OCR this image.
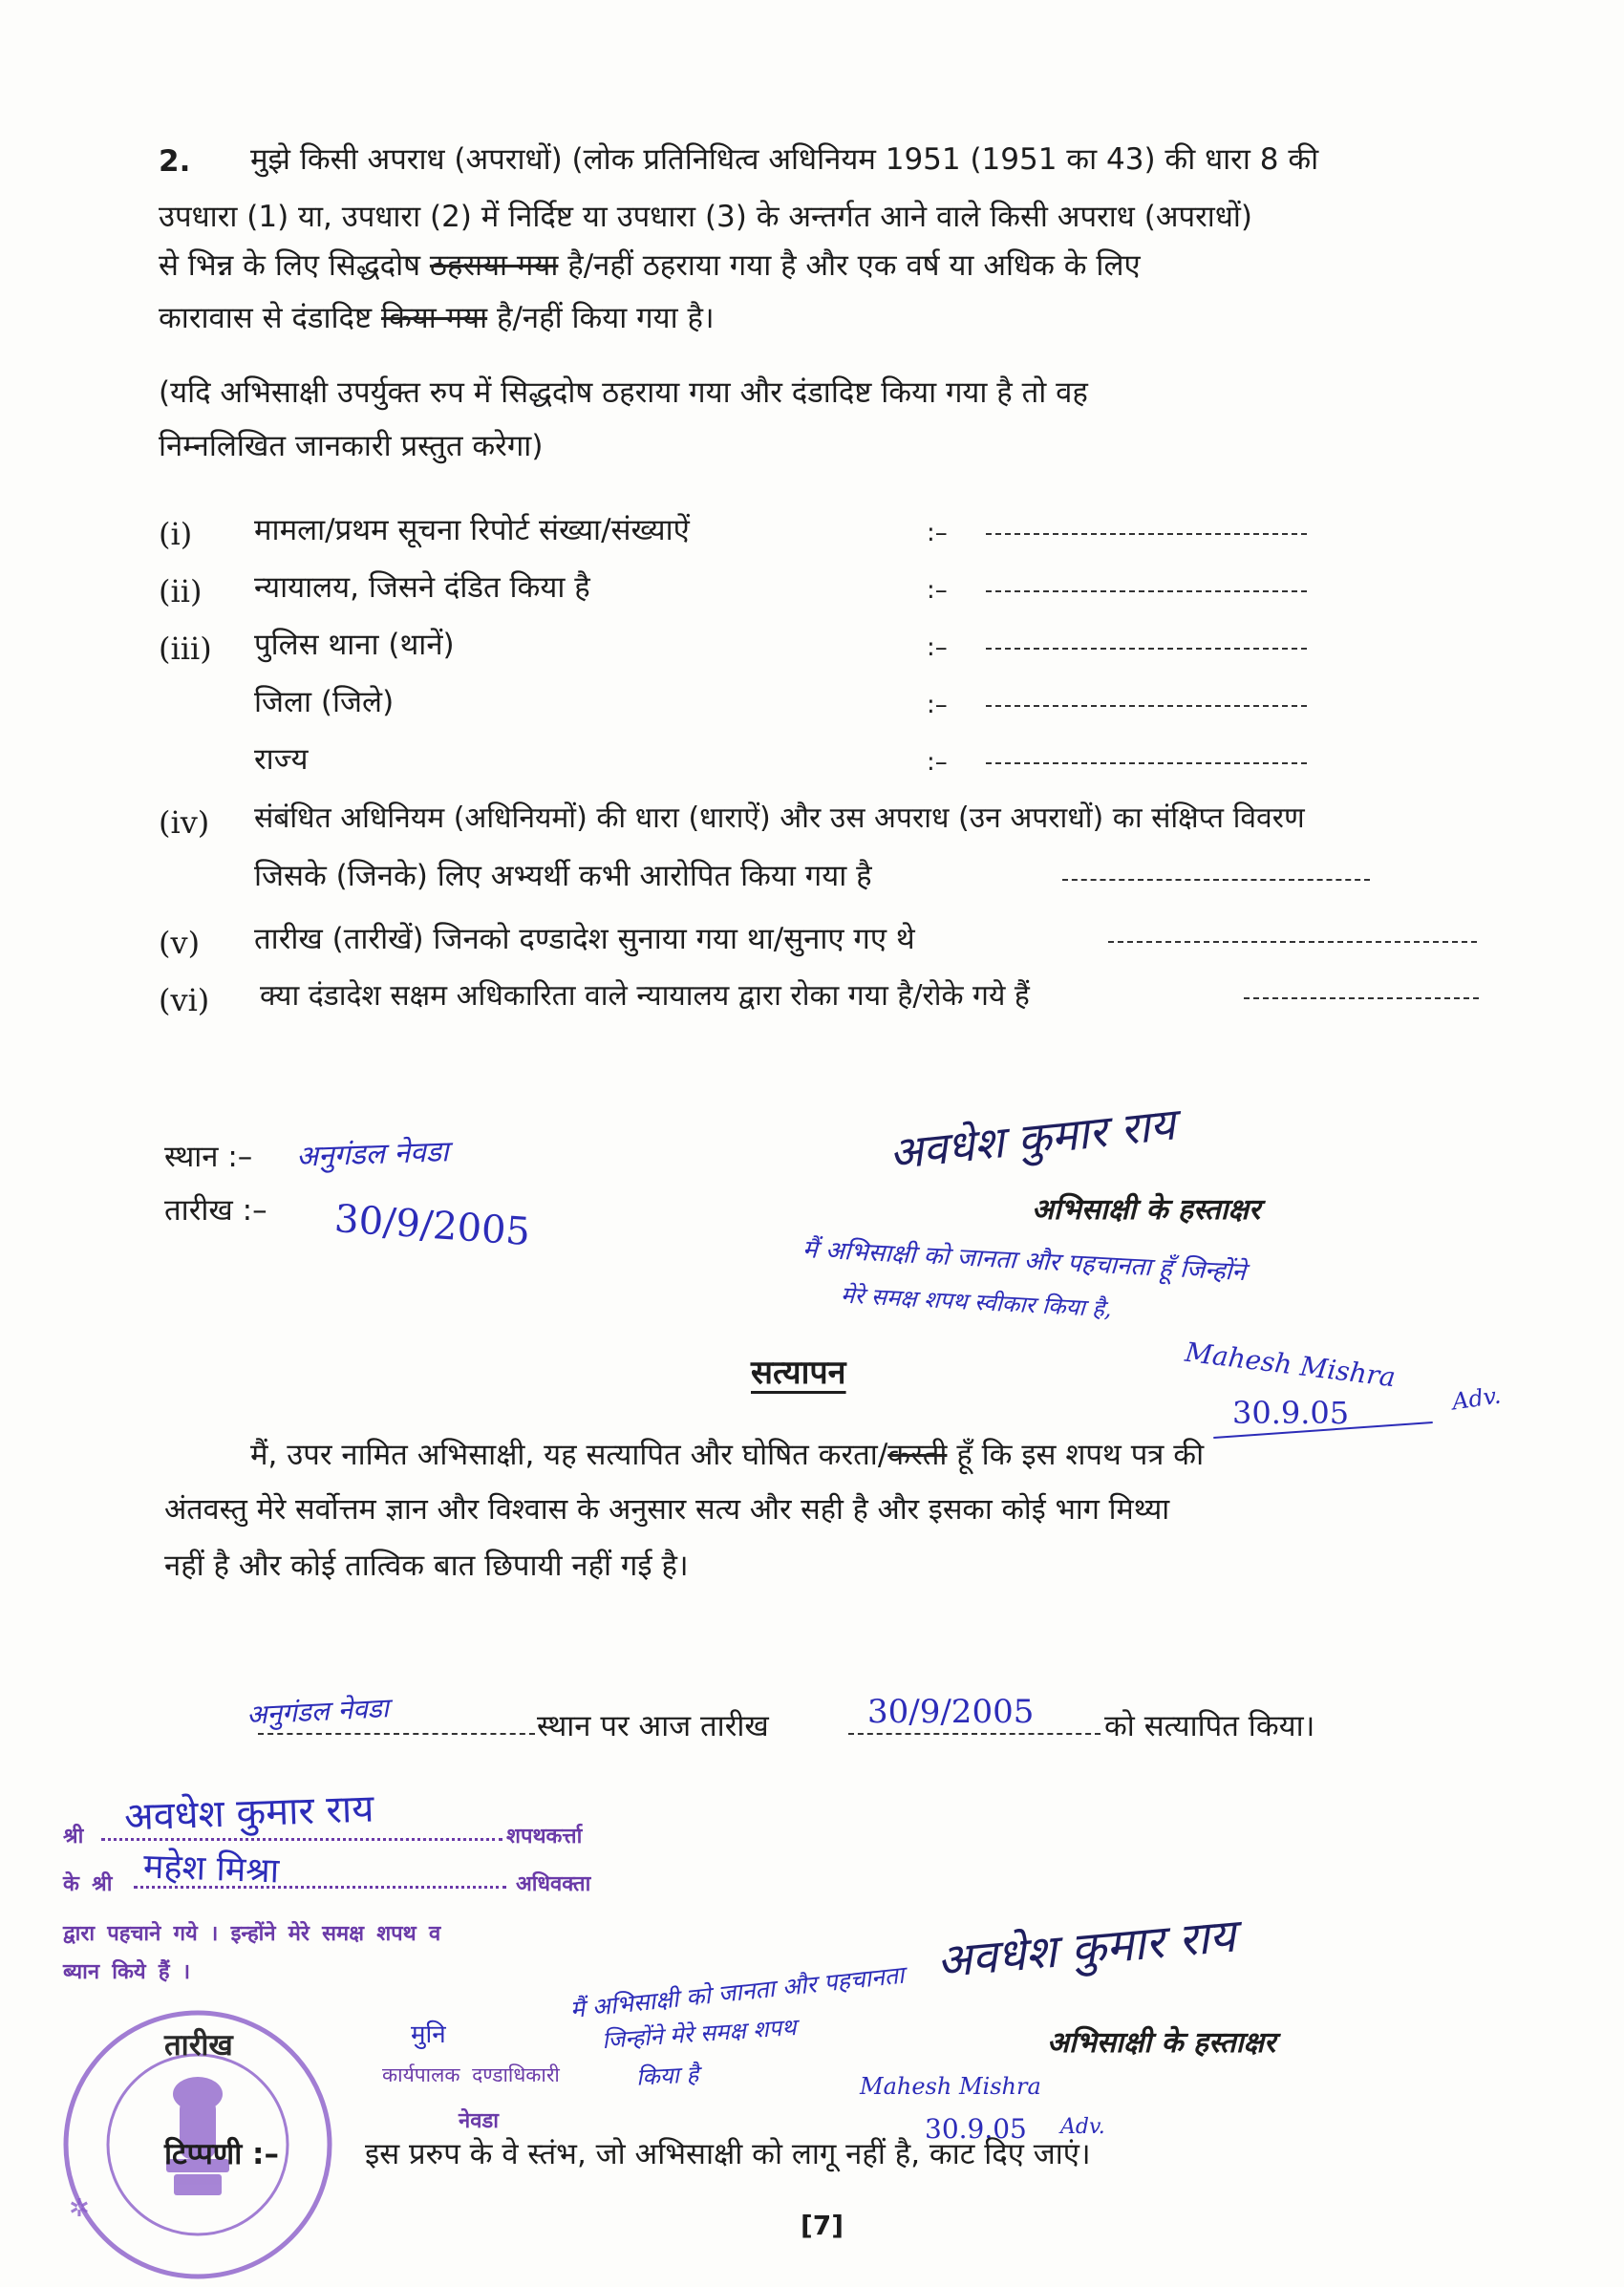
2. मुझे किसी अपराध (अपराधों) (लोक प्रतिनिधित्व अधिनियम 1951 (1951 का 43) की धारा 8 की
उपधारा (1) या, उपधारा (2) में निर्दिष्ट या उपधारा (3) के अन्तर्गत आने वाले किसी अपराध (अपराधों)
से भिन्न के लिए सिद्धदोष ठहराया गया है/नहीं ठहराया गया है और एक वर्ष या अधिक के लिए
कारावास से दंडादिष्ट किया गया है/नहीं किया गया है।
(यदि अभिसाक्षी उपर्युक्त रुप में सिद्धदोष ठहराया गया और दंडादिष्ट किया गया है तो वह
निम्नलिखित जानकारी प्रस्तुत करेगा)
(i) मामला/प्रथम सूचना रिपोर्ट संख्या/संख्याऐं	:–
(ii) न्यायालय, जिसने दंडित किया है	:–
(iii) पुलिस थाना (थानें)	:–
जिला (जिले)	:–
राज्य	:–
(iv) संबंधित अधिनियम (अधिनियमों) की धारा (धाराऐं) और उस अपराध (उन अपराधों) का संक्षिप्त विवरण
जिसके (जिनके) लिए अभ्यर्थी कभी आरोपित किया गया है
(v) तारीख (तारीखें) जिनको दण्डादेश सुनाया गया था/सुनाए गए थे
(vi) क्या दंडादेश सक्षम अधिकारिता वाले न्यायालय द्वारा रोका गया है/रोके गये हैं
स्थान :– अनुगंडल नेवडा
तारीख :– 30/9/2005
अवधेश कुमार राय
अभिसाक्षी के हस्ताक्षर
मैं अभिसाक्षी को जानता और पहचानता हूँ जिन्होंने
मेरे समक्ष शपथ स्वीकार किया है,
Mahesh Mishra
Adv.
30.9.05
सत्यापन
मैं, उपर नामित अभिसाक्षी, यह सत्यापित और घोषित करता/करती हूँ कि इस शपथ पत्र की
अंतवस्तु मेरे सर्वोत्तम ज्ञान और विश्वास के अनुसार सत्य और सही है और इसका कोई भाग मिथ्या
नहीं है और कोई तात्विक बात छिपायी नहीं गई है।
अनुगंडल नेवडा	स्थान पर आज तारीख	30/9/2005 को सत्यापित किया।
अवधेश कुमार राय
श्री	शपथकर्त्ता
महेश मिश्रा
के श्री	अधिवक्ता
द्वारा पहचाने गये । इन्होंने मेरे समक्ष शपथ व
ब्यान किये हैं ।	अवधेश कुमार राय
मैं अभिसाक्षी को जानता और पहचानता
जिन्होंने मेरे समक्ष शपथ
किया है	Mahesh Mishra
30.9.05 Adv.
अभिसाक्षी के हस्ताक्षर
✲
तारीख	मुनि
कार्यपालक दण्डाधिकारी
नेवडा
टिप्पणी :–	इस प्ररुप के वे स्तंभ, जो अभिसाक्षी को लागू नहीं है, काट दिए जाएं।
[7]
